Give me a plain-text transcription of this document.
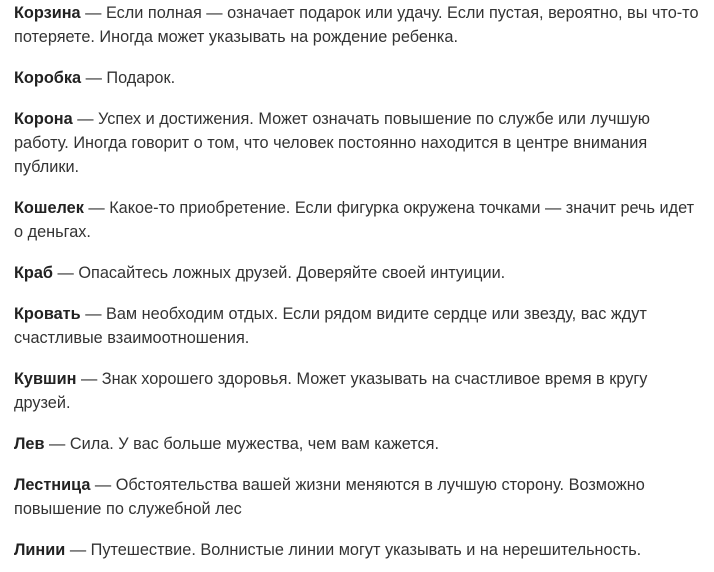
Корзина — Если полная — означает подарок или удачу. Если пустая, вероятно, вы что-то потеряете. Иногда может указывать на рождение ребенка.

Коробка — Подарок.

Корона — Успех и достижения. Может означать повышение по службе или лучшую работу. Иногда говорит о том, что человек постоянно находится в центре внимания публики.

Кошелек — Какое-то приобретение. Если фигурка окружена точками — значит речь идет о деньгах.

Краб — Опасайтесь ложных друзей. Доверяйте своей интуиции.

Кровать — Вам необходим отдых. Если рядом видите сердце или звезду, вас ждут счастливые взаимоотношения.

Кувшин — Знак хорошего здоровья. Может указывать на счастливое время в кругу друзей.

Лев — Сила. У вас больше мужества, чем вам кажется.

Лестница — Обстоятельства вашей жизни меняются в лучшую сторону. Возможно повышение по служебной лес

Линии — Путешествие. Волнистые линии могут указывать и на нерешительность.
